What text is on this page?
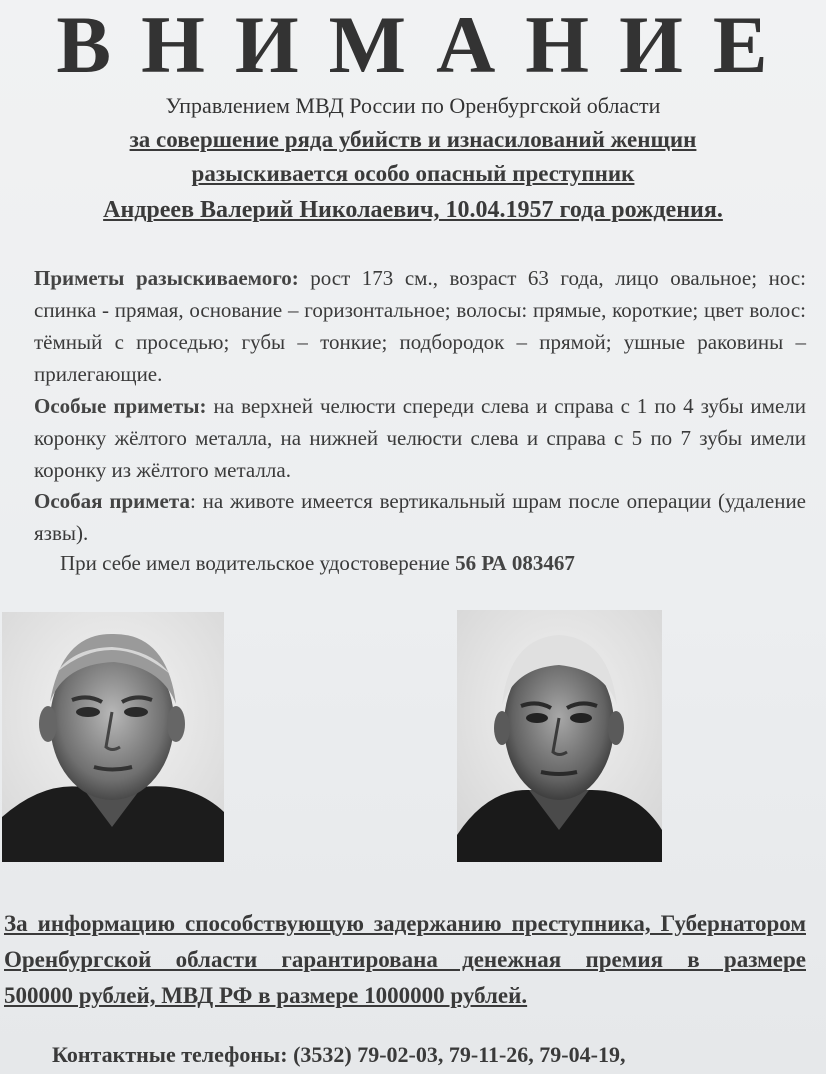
ВНИМАНИЕ
Управлением МВД России по Оренбургской области
за совершение ряда убийств и изнасилований женщин
разыскивается особо опасный преступник
Андреев Валерий Николаевич, 10.04.1957 года рождения.
Приметы разыскиваемого: рост 173 см., возраст 63 года, лицо овальное; нос: спинка - прямая, основание – горизонтальное; волосы: прямые, короткие; цвет волос: тёмный с проседью; губы – тонкие; подбородок – прямой; ушные раковины – прилегающие.
Особые приметы: на верхней челюсти спереди слева и справа с 1 по 4 зубы имели коронку жёлтого металла, на нижней челюсти слева и справа с 5 по 7 зубы имели коронку из жёлтого металла.
Особая примета: на животе имеется вертикальный шрам после операции (удаление язвы).
При себе имел водительское удостоверение 56 РА 083467
За информацию способствующую задержанию преступника, Губернатором Оренбургской области гарантирована денежная премия в размере
500000 рублей, МВД РФ в размере 1000000 рублей.
Контактные телефоны: (3532) 79-02-03, 79-11-26, 79-04-19,
